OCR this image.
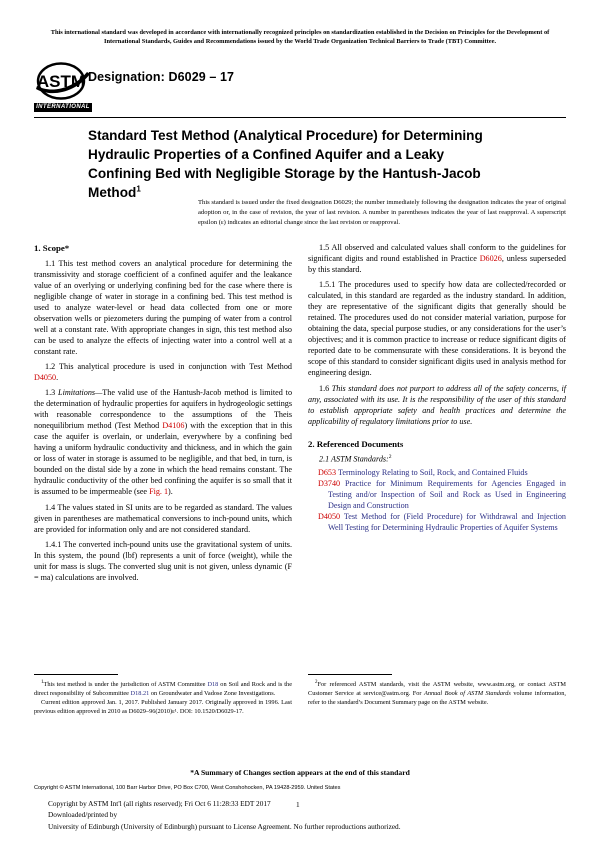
This international standard was developed in accordance with internationally recognized principles on standardization established in the Decision on Principles for the Development of International Standards, Guides and Recommendations issued by the World Trade Organization Technical Barriers to Trade (TBT) Committee.
ASTM
INTERNATIONAL
Designation: D6029 – 17
Standard Test Method (Analytical Procedure) for Determining Hydraulic Properties of a Confined Aquifer and a Leaky Confining Bed with Negligible Storage by the Hantush-Jacob Method$^1$
This standard is issued under the fixed designation D6029; the number immediately following the designation indicates the year of original adoption or, in the case of revision, the year of last revision. A number in parentheses indicates the year of last reapproval. A superscript epsilon (ε) indicates an editorial change since the last revision or reapproval.
1. Scope*

1.1 This test method covers an analytical procedure for determining the transmissivity and storage coefficient of a confined aquifer and the leakance value of an overlying or underlying confining bed for the case where there is negligible change of water in storage in a confining bed. This test method is used to analyze water-level or head data collected from one or more observation wells or piezometers during the pumping of water from a control well at a constant rate. With appropriate changes in sign, this test method also can be used to analyze the effects of injecting water into a control well at a constant rate.

1.2 This analytical procedure is used in conjunction with Test Method D4050.

1.3 Limitations—The valid use of the Hantush-Jacob method is limited to the determination of hydraulic properties for aquifers in hydrogeologic settings with reasonable correspondence to the assumptions of the Theis nonequilibrium method (Test Method D4106) with the exception that in this case the aquifer is overlain, or underlain, everywhere by a confining bed having a uniform hydraulic conductivity and thickness, and in which the gain or loss of water in storage is assumed to be negligible, and that bed, in turn, is bounded on the distal side by a zone in which the head remains constant. The hydraulic conductivity of the other bed confining the aquifer is so small that it is assumed to be impermeable (see Fig. 1).

1.4 The values stated in SI units are to be regarded as standard. The values given in parentheses are mathematical conversions to inch-pound units, which are provided for information only and are not considered standard.

1.4.1 The converted inch-pound units use the gravitational system of units. In this system, the pound (lbf) represents a unit of force (weight), while the unit for mass is slugs. The converted slug unit is not given, unless dynamic (F = ma) calculations are involved.

1.5 All observed and calculated values shall conform to the guidelines for significant digits and round established in Practice D6026, unless superseded by this standard.

1.5.1 The procedures used to specify how data are collected/recorded or calculated, in this standard are regarded as the industry standard. In addition, they are representative of the significant digits that generally should be retained. The procedures used do not consider material variation, purpose for obtaining the data, special purpose studies, or any considerations for the user’s objectives; and it is common practice to increase or reduce significant digits of reported date to be commensurate with these considerations. It is beyond the scope of this standard to consider significant digits used in analysis method for engineering design.

1.6 This standard does not purport to address all of the safety concerns, if any, associated with its use. It is the responsibility of the user of this standard to establish appropriate safety and health practices and determine the applicability of regulatory limitations prior to use.

2. Referenced Documents

2.1 ASTM Standards:$^2$

D653 Terminology Relating to Soil, Rock, and Contained Fluids

D3740 Practice for Minimum Requirements for Agencies Engaged in Testing and/or Inspection of Soil and Rock as Used in Engineering Design and Construction

D4050 Test Method for (Field Procedure) for Withdrawal and Injection Well Testing for Determining Hydraulic Properties of Aquifer Systems

$^1$This test method is under the jurisdiction of ASTM Committee D18 on Soil and Rock and is the direct responsibility of Subcommittee D18.21 on Groundwater and Vadose Zone Investigations.

Current edition approved Jan. 1, 2017. Published January 2017. Originally approved in 1996. Last previous edition approved in 2010 as D6029–96(2010)ε¹. DOI: 10.1520/D6029-17.

$^2$For referenced ASTM standards, visit the ASTM website, www.astm.org, or contact ASTM Customer Service at service@astm.org. For Annual Book of ASTM Standards volume information, refer to the standard’s Document Summary page on the ASTM website.

*A Summary of Changes section appears at the end of this standard
Copyright © ASTM International, 100 Barr Harbor Drive, PO Box C700, West Conshohocken, PA 19428-2959. United States
Copyright by ASTM Int'l (all rights reserved); Fri Oct 6 11:28:33 EDT 2017
Downloaded/printed by
University of Edinburgh (University of Edinburgh) pursuant to License Agreement. No further reproductions authorized.
1
